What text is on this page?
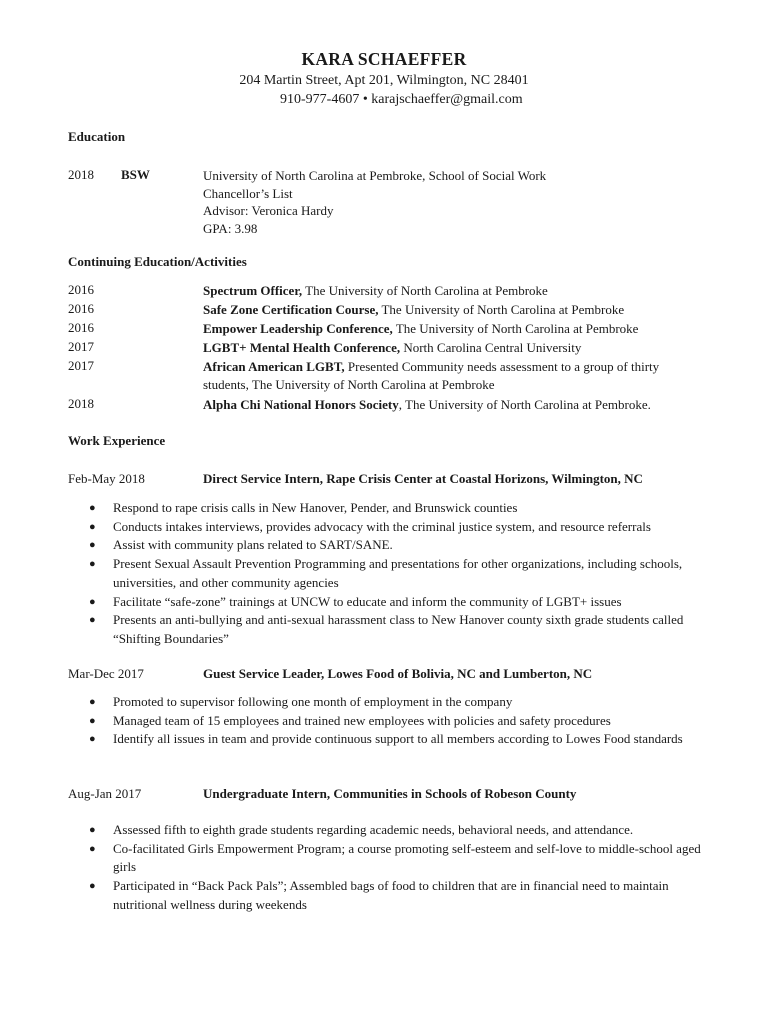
KARA SCHAEFFER
204 Martin Street, Apt 201, Wilmington, NC 28401
910-977-4607 • karajschaeffer@gmail.com
Education
2018 BSW	University of North Carolina at Pembroke, School of Social Work
Chancellor’s List
Advisor: Veronica Hardy
GPA: 3.98
Continuing Education/Activities
2016	Spectrum Officer, The University of North Carolina at Pembroke
2016	Safe Zone Certification Course, The University of North Carolina at Pembroke
2016	Empower Leadership Conference, The University of North Carolina at Pembroke
2017	LGBT+ Mental Health Conference, North Carolina Central University
2017	African American LGBT, Presented Community needs assessment to a group of thirty
students, The University of North Carolina at Pembroke
2018	Alpha Chi National Honors Society, The University of North Carolina at Pembroke.
Work Experience
Feb-May 2018	Direct Service Intern, Rape Crisis Center at Coastal Horizons, Wilmington, NC
● Respond to rape crisis calls in New Hanover, Pender, and Brunswick counties
● Conducts intakes interviews, provides advocacy with the criminal justice system, and resource referrals
● Assist with community plans related to SART/SANE.
● Present Sexual Assault Prevention Programming and presentations for other organizations, including schools, universities, and other community agencies
● Facilitate “safe-zone” trainings at UNCW to educate and inform the community of LGBT+ issues
● Presents an anti-bullying and anti-sexual harassment class to New Hanover county sixth grade students called “Shifting Boundaries”
Mar-Dec 2017	Guest Service Leader, Lowes Food of Bolivia, NC and Lumberton, NC
● Promoted to supervisor following one month of employment in the company
● Managed team of 15 employees and trained new employees with policies and safety procedures
● Identify all issues in team and provide continuous support to all members according to Lowes Food standards
Aug-Jan 2017	Undergraduate Intern, Communities in Schools of Robeson County
● Assessed fifth to eighth grade students regarding academic needs, behavioral needs, and attendance.
● Co-facilitated Girls Empowerment Program; a course promoting self-esteem and self-love to middle-school aged girls
● Participated in “Back Pack Pals”; Assembled bags of food to children that are in financial need to maintain nutritional wellness during weekends
